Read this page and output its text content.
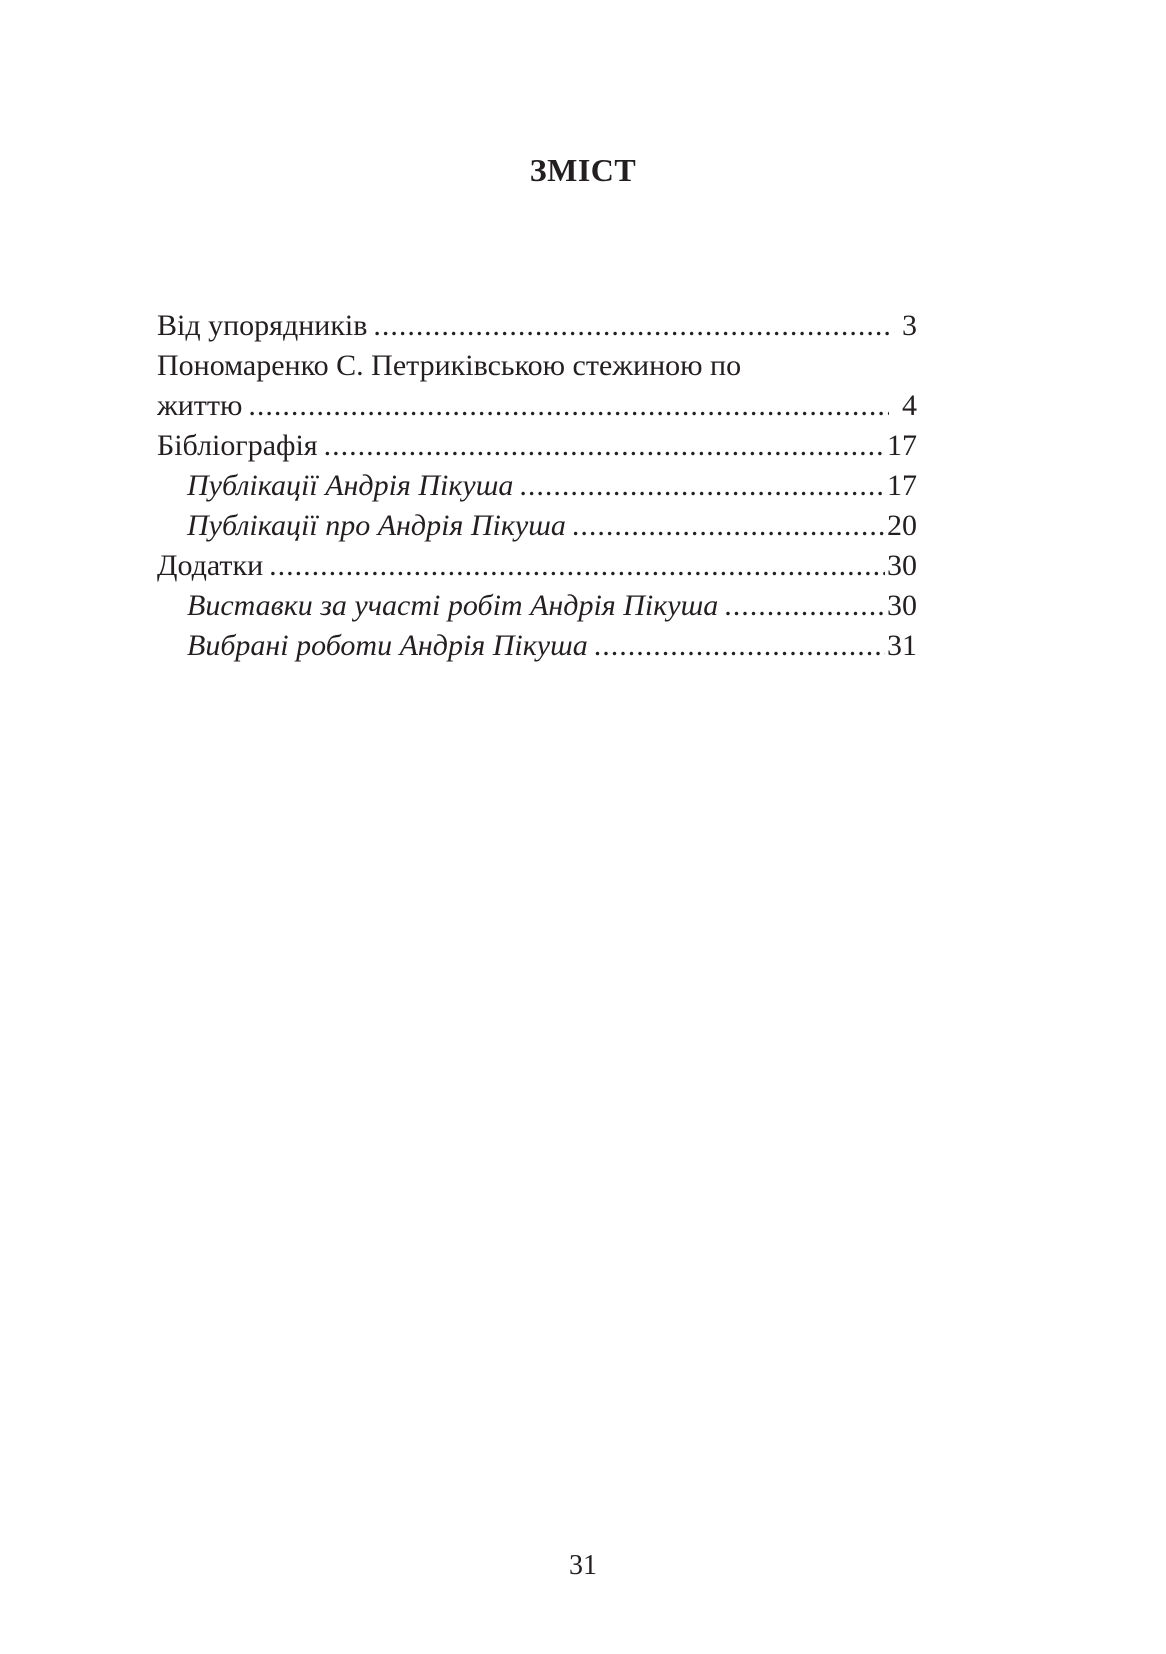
ЗМІСТ
Від упорядників .....	3
Пономаренко С. Петриківською стежиною по
життю .....	4
Бібліографія .....	17
Публікації Андрія Пікуша .....	17
Публікації про Андрія Пікуша .....	20
Додатки .....	30
Виставки за участі робіт Андрія Пікуша .....	30
Вибрані роботи Андрія Пікуша .....	31
31
